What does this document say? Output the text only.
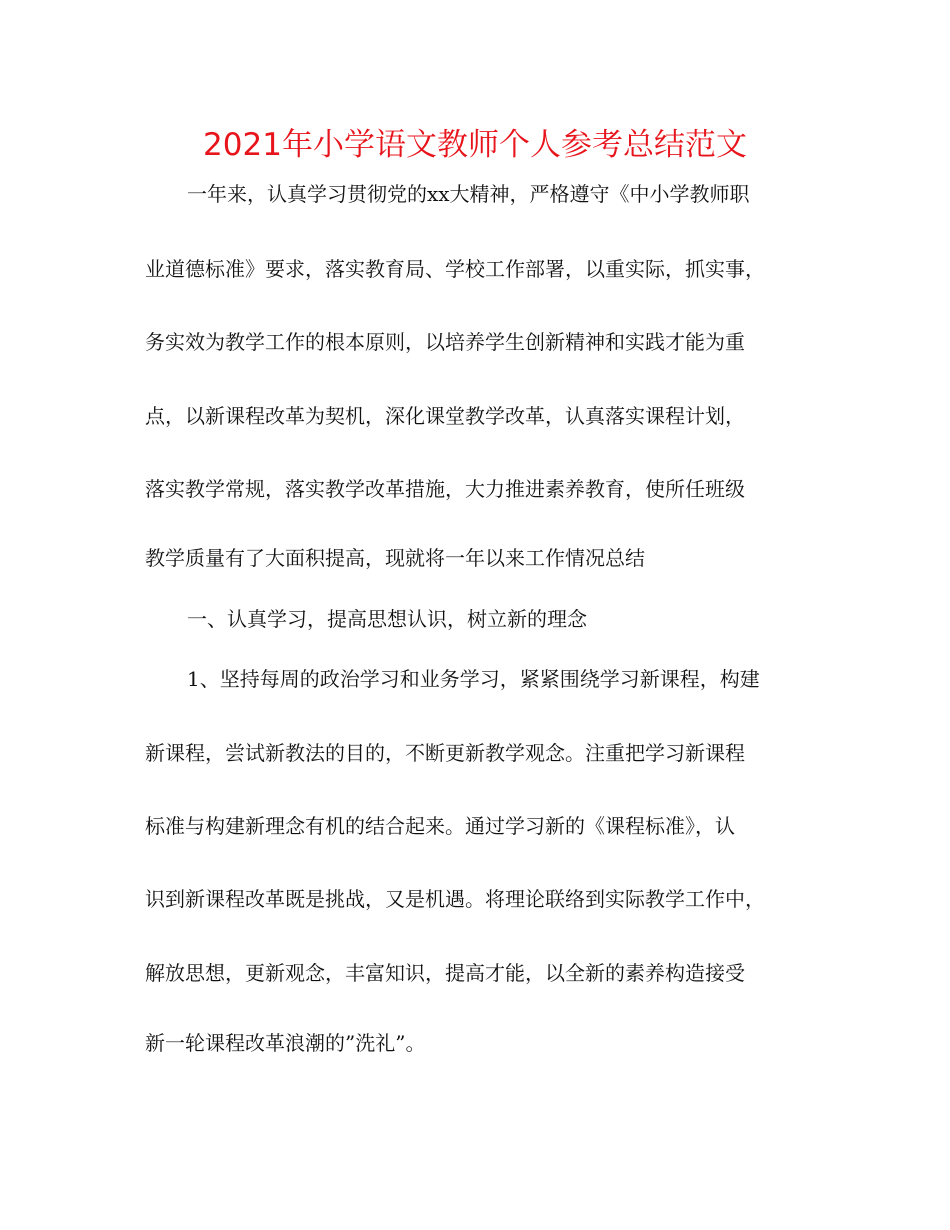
2021年小学语文教师个人参考总结范文
一年来，认真学习贯彻党的xx大精神，严格遵守《中小学教师职
业道德标准》要求，落实教育局、学校工作部署，以重实际，抓实事，
务实效为教学工作的根本原则，以培养学生创新精神和实践才能为重
点，以新课程改革为契机，深化课堂教学改革，认真落实课程计划，
落实教学常规，落实教学改革措施，大力推进素养教育，使所任班级
教学质量有了大面积提高，现就将一年以来工作情况总结
一、认真学习，提高思想认识，树立新的理念
1、坚持每周的政治学习和业务学习，紧紧围绕学习新课程，构建
新课程，尝试新教法的目的，不断更新教学观念。注重把学习新课程
标准与构建新理念有机的结合起来。通过学习新的《课程标准》，认
识到新课程改革既是挑战，又是机遇。将理论联络到实际教学工作中，
解放思想，更新观念，丰富知识，提高才能，以全新的素养构造接受
新一轮课程改革浪潮的”洗礼”。
